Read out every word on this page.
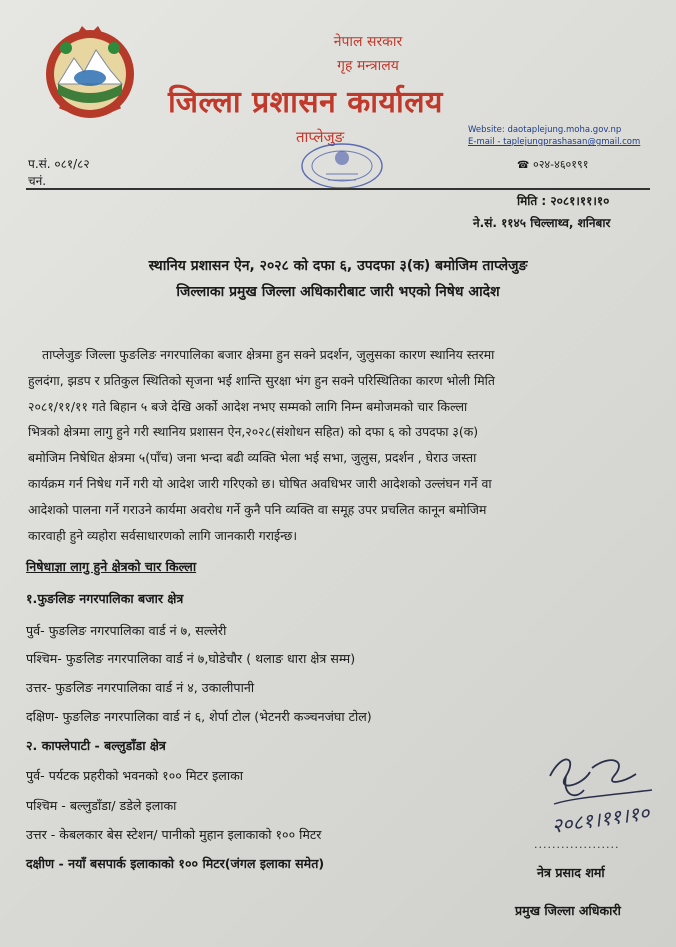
नेपाल सरकार
गृह मन्त्रालय
जिल्ला प्रशासन कार्यालय
ताप्लेजुङ	Website: daotaplejung.moha.gov.np
E-mail - taplejungprashasan@gmail.com
प.सं. ०८१/८२
चनं.
☎ ०२४-४६०१९१
मिति : २०८१।११।१०
ने.सं. ११४५ चिल्लाथ्व, शनिबार
स्थानिय प्रशासन ऐन, २०२८ को दफा ६, उपदफा ३(क) बमोजिम ताप्लेजुङ
जिल्लाका प्रमुख जिल्ला अधिकारीबाट जारी भएको निषेध आदेश
ताप्लेजुङ जिल्ला फुङलिङ नगरपालिका बजार क्षेत्रमा हुन सक्ने प्रदर्शन, जुलुसका कारण स्थानिय स्तरमा
हुलदंगा, झडप र प्रतिकुल स्थितिको सृजना भई शान्ति सुरक्षा भंग हुन सक्ने परिस्थितिका कारण भोली मिति
२०८१/११/११ गते बिहान ५ बजे देखि अर्को आदेश नभए सम्मको लागि निम्न बमोजमको चार किल्ला
भित्रको क्षेत्रमा लागु हुने गरी स्थानिय प्रशासन ऐन,२०२८(संशोधन सहित) को दफा ६ को उपदफा ३(क)
बमोजिम निषेधित क्षेत्रमा ५(पाँच) जना भन्दा बढी व्यक्ति भेला भई सभा, जुलुस, प्रदर्शन , घेराउ जस्ता
कार्यक्रम गर्न निषेध गर्ने गरी यो आदेश जारी गरिएको छ। घोषित अवधिभर जारी आदेशको उल्लंघन गर्ने वा
आदेशको पालना गर्ने गराउने कार्यमा अवरोध गर्ने कुनै पनि व्यक्ति वा समूह उपर प्रचलित कानून बमोजिम
कारवाही हुने व्यहोरा सर्वसाधारणको लागि जानकारी गराईन्छ।
निषेधाज्ञा लागु हुने क्षेत्रको चार किल्ला
१.फुङलिङ नगरपालिका बजार क्षेत्र
पुर्व- फुङलिङ नगरपालिका वार्ड नं ७, सल्लेरी
पश्चिम- फुङलिङ नगरपालिका वार्ड नं ७,घोडेचौर ( थलाङ धारा क्षेत्र सम्म)
उत्तर- फुङलिङ नगरपालिका वार्ड नं ४, उकालीपानी
दक्षिण- फुङलिङ नगरपालिका वार्ड नं ६, शेर्पा टोल (भेटनरी कञ्चनजंघा टोल)
२. काफ्लेपाटी - बल्लुडाँडा क्षेत्र
पुर्व- पर्यटक प्रहरीको भवनको १०० मिटर इलाका
पश्चिम - बल्लुडाँडा/ डडेले इलाका
उत्तर - केबलकार बेस स्टेशन/ पानीको मुहान इलाकाको १०० मिटर
दक्षीण - नयाँ बसपार्क इलाकाको १०० मिटर(जंगल इलाका समेत)
२०८१।११।१०
...................
नेत्र प्रसाद शर्मा
प्रमुख जिल्ला अधिकारी
